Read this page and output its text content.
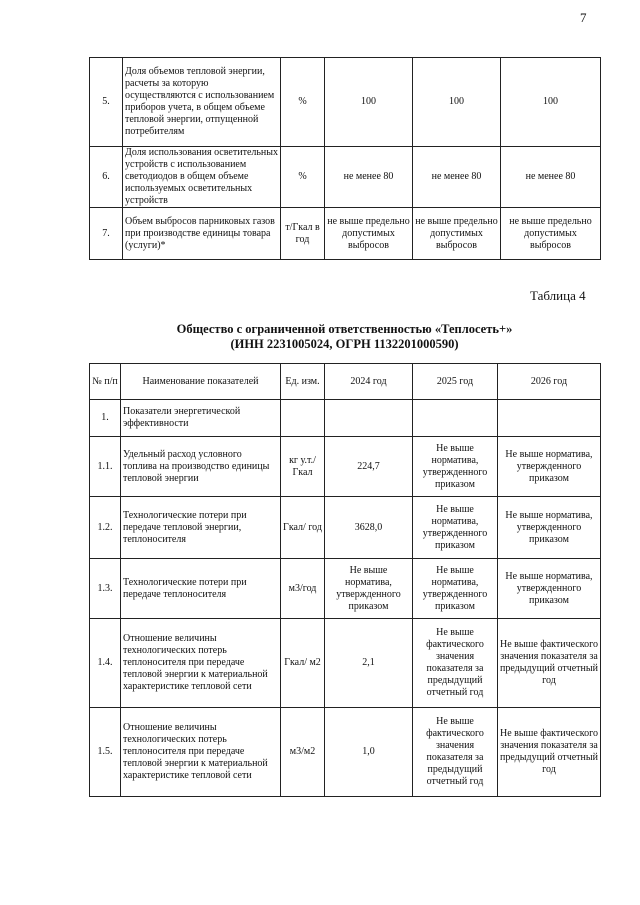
7
5.	Доля объемов тепловой энергии, расчеты за которую осуществляются с использованием приборов учета, в общем объеме тепловой энергии, отпущенной потребителям	%	100	100	100
6.	Доля использования осветительных устройств с использованием светодиодов в общем объеме используемых осветительных устройств	%	не менее 80	не менее 80	не менее 80
7.	Объем выбросов парниковых газов при производстве единицы товара (услуги)*	т/Гкал в год	не выше предельно допустимых выбросов	не выше предельно допустимых выбросов	не выше предельно допустимых выбросов
Таблица 4
Общество с ограниченной ответственностью «Теплосеть+»
(ИНН 2231005024, ОГРН 1132201000590)
№ п/п	Наименование показателей	Ед. изм.	2024 год	2025 год	2026 год
1.	Показатели энергетической эффективности				
1.1.	Удельный расход условного топлива на производство единицы тепловой энергии	кг у.т./ Гкал	224,7	Не выше норматива, утвержденного приказом	Не выше норматива, утвержденного приказом
1.2.	Технологические потери при передаче тепловой энергии, теплоносителя	Гкал/ год	3628,0	Не выше норматива, утвержденного приказом	Не выше норматива, утвержденного приказом
1.3.	Технологические потери при передаче теплоносителя	м3/год	Не выше норматива, утвержденного приказом	Не выше норматива, утвержденного приказом	Не выше норматива, утвержденного приказом
1.4.	Отношение величины технологических потерь теплоносителя при передаче тепловой энергии к материальной характеристике тепловой сети	Гкал/ м2	2,1	Не выше фактического значения показателя за предыдущий отчетный год	Не выше фактического значения показателя за предыдущий отчетный год
1.5.	Отношение величины технологических потерь теплоносителя при передаче тепловой энергии к материальной характеристике тепловой сети	м3/м2	1,0	Не выше фактического значения показателя за предыдущий отчетный год	Не выше фактического значения показателя за предыдущий отчетный год
